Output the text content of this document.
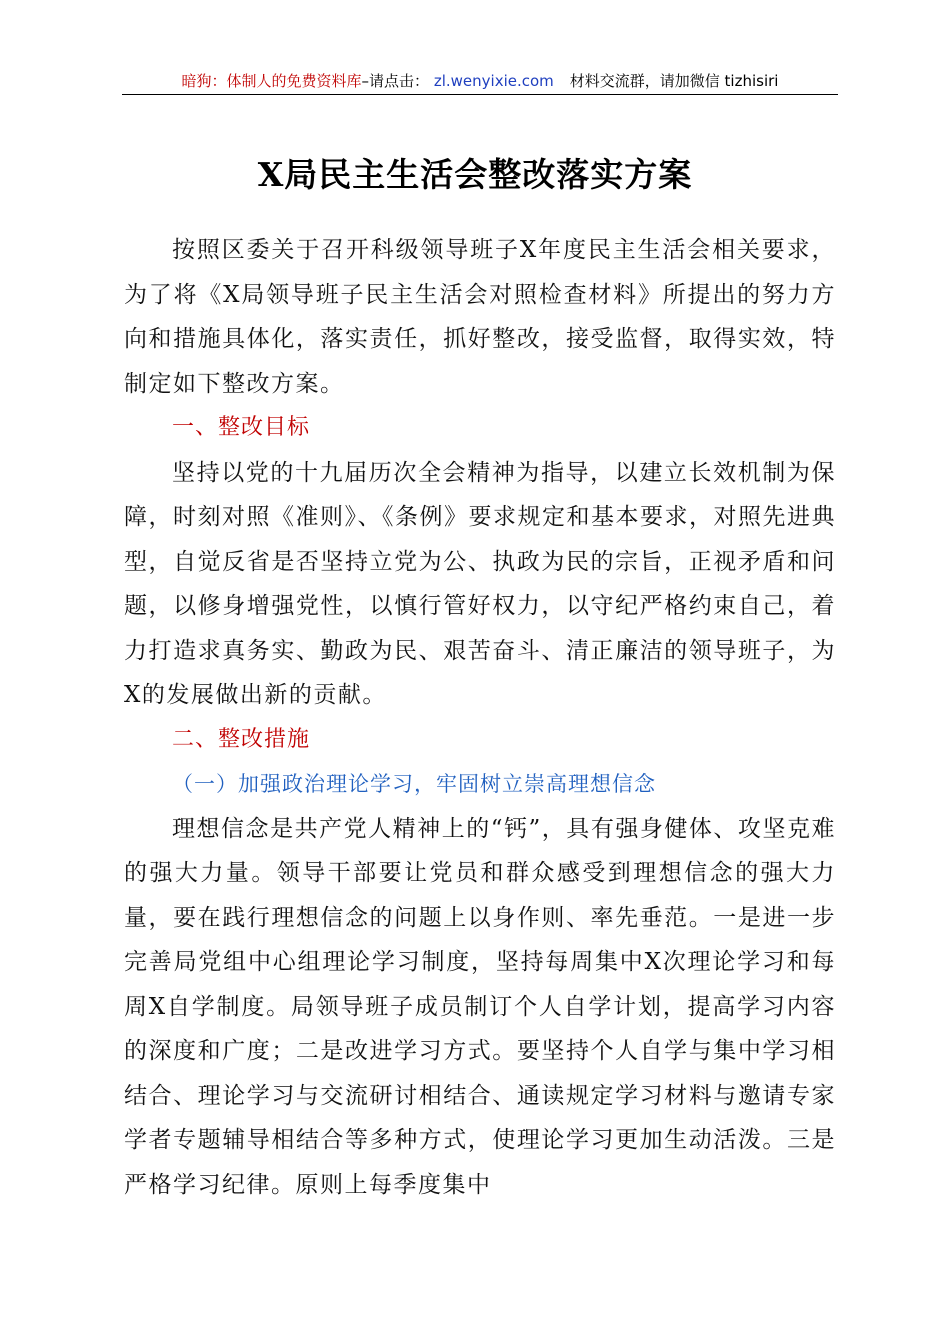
暗狗：体制人的免费资料库–请点击： zl.wenyixie.com 材料交流群，请加微信 tizhisiri
X局民主生活会整改落实方案

按照区委关于召开科级领导班子X年度民主生活会相关要求，为了将《X局领导班子民主生活会对照检查材料》所提出的努力方向和措施具体化，落实责任，抓好整改，接受监督，取得实效，特制定如下整改方案。

一、整改目标

坚持以党的十九届历次全会精神为指导，以建立长效机制为保障，时刻对照《准则》、《条例》要求规定和基本要求，对照先进典型，自觉反省是否坚持立党为公、执政为民的宗旨，正视矛盾和问题，以修身增强党性，以慎行管好权力，以守纪严格约束自己，着力打造求真务实、勤政为民、艰苦奋斗、清正廉洁的领导班子，为X的发展做出新的贡献。

二、整改措施

（一）加强政治理论学习，牢固树立崇高理想信念

理想信念是共产党人精神上的“钙”，具有强身健体、攻坚克难的强大力量。领导干部要让党员和群众感受到理想信念的强大力量，要在践行理想信念的问题上以身作则、率先垂范。一是进一步完善局党组中心组理论学习制度，坚持每周集中X次理论学习和每周X自学制度。局领导班子成员制订个人自学计划，提高学习内容的深度和广度；二是改进学习方式。要坚持个人自学与集中学习相结合、理论学习与交流研讨相结合、通读规定学习材料与邀请专家学者专题辅导相结合等多种方式，使理论学习更加生动活泼。三是严格学习纪律。原则上每季度集中
